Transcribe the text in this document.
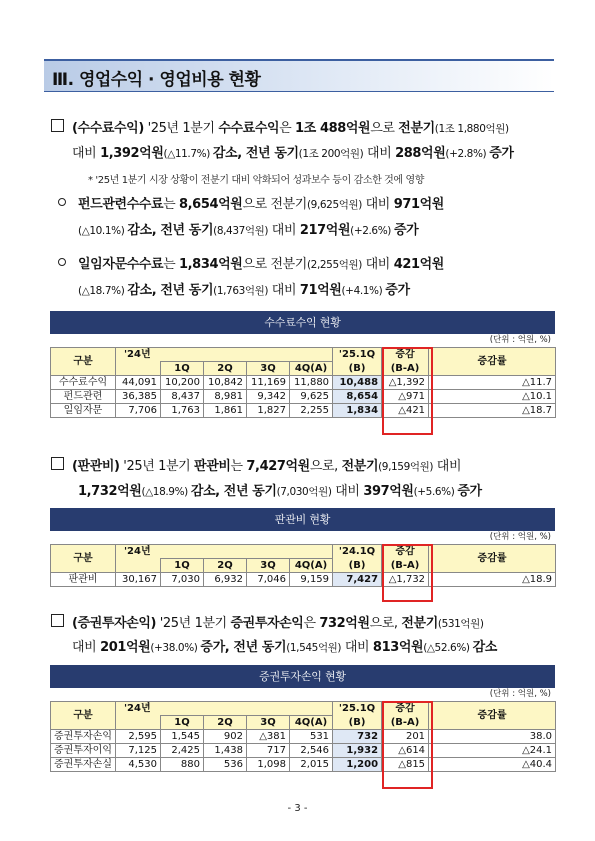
Ⅲ. 영업수익 · 영업비용 현황
(수수료수익) '25년 1분기 수수료수익은 1조 488억원으로 전분기(1조 1,880억원)
대비 1,392억원(△11.7%) 감소, 전년 동기(1조 200억원) 대비 288억원(+2.8%) 증가
* '25년 1분기 시장 상황이 전분기 대비 악화되어 성과보수 등이 감소한 것에 영향
펀드관련수수료는 8,654억원으로 전분기(9,625억원) 대비 971억원
(△10.1%) 감소, 전년 동기(8,437억원) 대비 217억원(+2.6%) 증가
일임자문수수료는 1,834억원으로 전분기(2,255억원) 대비 421억원
(△18.7%) 감소, 전년 동기(1,763억원) 대비 71억원(+4.1%) 증가
수수료수익 현황
(단위 : 억원, %)
구분	'24년					'25.1Q	증감	증감률
		1Q	2Q	3Q	4Q(A)	(B)	(B-A)	
수수료수익	44,091	10,200	10,842	11,169	11,880	10,488	△1,392	△11.7
펀드관련	36,385	8,437	8,981	9,342	9,625	8,654	△971	△10.1
일임자문	7,706	1,763	1,861	1,827	2,255	1,834	△421	△18.7
(판관비) '25년 1분기 판관비는 7,427억원으로, 전분기(9,159억원) 대비
1,732억원(△18.9%) 감소, 전년 동기(7,030억원) 대비 397억원(+5.6%) 증가
판관비 현황
(단위 : 억원, %)
구분	'24년					'24.1Q	증감	증감률
		1Q	2Q	3Q	4Q(A)	(B)	(B-A)	
판관비	30,167	7,030	6,932	7,046	9,159	7,427	△1,732	△18.9
(증권투자손익) '25년 1분기 증권투자손익은 732억원으로, 전분기(531억원)
대비 201억원(+38.0%) 증가, 전년 동기(1,545억원) 대비 813억원(△52.6%) 감소
증권투자손익 현황
(단위 : 억원, %)
구분	'24년					'25.1Q	증감	증감률
		1Q	2Q	3Q	4Q(A)	(B)	(B-A)	
증권투자손익	2,595	1,545	902	△381	531	732	201	38.0
증권투자이익	7,125	2,425	1,438	717	2,546	1,932	△614	△24.1
증권투자손실	4,530	880	536	1,098	2,015	1,200	△815	△40.4
- 3 -
